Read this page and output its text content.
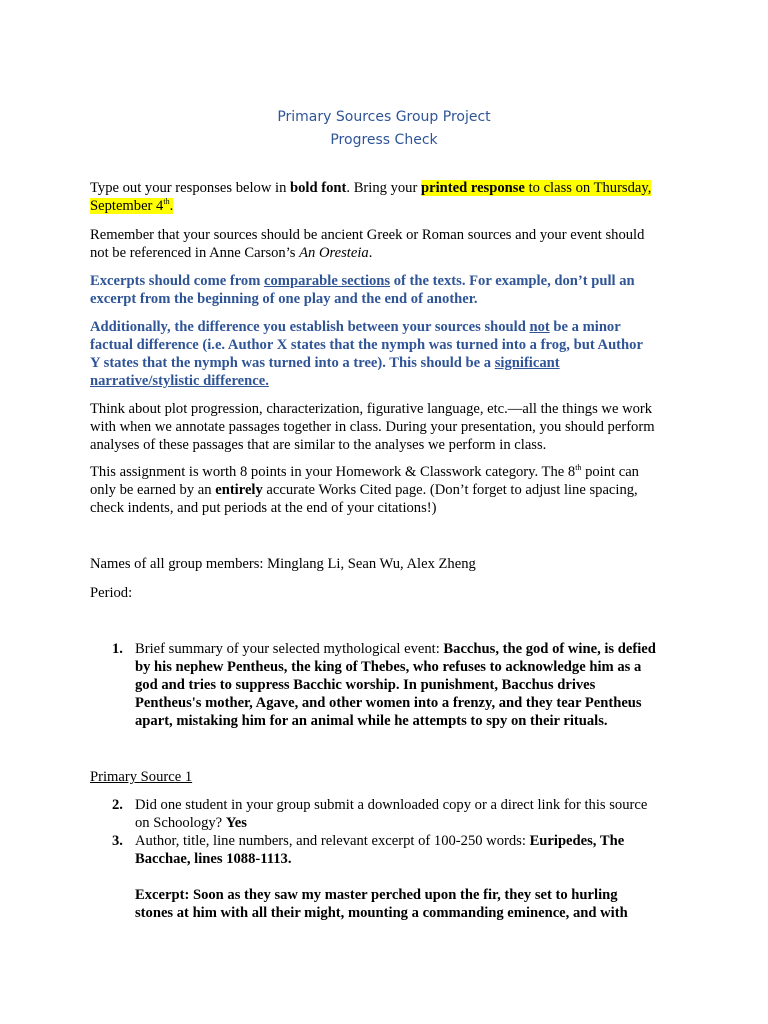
Primary Sources Group Project
Progress Check
Type out your responses below in bold font. Bring your printed response to class on Thursday,
September 4th.
Remember that your sources should be ancient Greek or Roman sources and your event should
not be referenced in Anne Carson’s An Oresteia.
Excerpts should come from comparable sections of the texts. For example, don’t pull an
excerpt from the beginning of one play and the end of another.
Additionally, the difference you establish between your sources should not be a minor
factual difference (i.e. Author X states that the nymph was turned into a frog, but Author
Y states that the nymph was turned into a tree). This should be a significant
narrative/stylistic difference.
Think about plot progression, characterization, figurative language, etc.—all the things we work
with when we annotate passages together in class. During your presentation, you should perform
analyses of these passages that are similar to the analyses we perform in class.
This assignment is worth 8 points in your Homework & Classwork category. The 8th point can
only be earned by an entirely accurate Works Cited page. (Don’t forget to adjust line spacing,
check indents, and put periods at the end of your citations!)
Names of all group members: Minglang Li, Sean Wu, Alex Zheng
Period:
1. Brief summary of your selected mythological event: Bacchus, the god of wine, is defied
by his nephew Pentheus, the king of Thebes, who refuses to acknowledge him as a
god and tries to suppress Bacchic worship. In punishment, Bacchus drives
Pentheus's mother, Agave, and other women into a frenzy, and they tear Pentheus
apart, mistaking him for an animal while he attempts to spy on their rituals.
Primary Source 1
2. Did one student in your group submit a downloaded copy or a direct link for this source
on Schoology? Yes
3. Author, title, line numbers, and relevant excerpt of 100-250 words: Euripedes, The
Bacchae, lines 1088-1113.
Excerpt: Soon as they saw my master perched upon the fir, they set to hurling
stones at him with all their might, mounting a commanding eminence, and with
